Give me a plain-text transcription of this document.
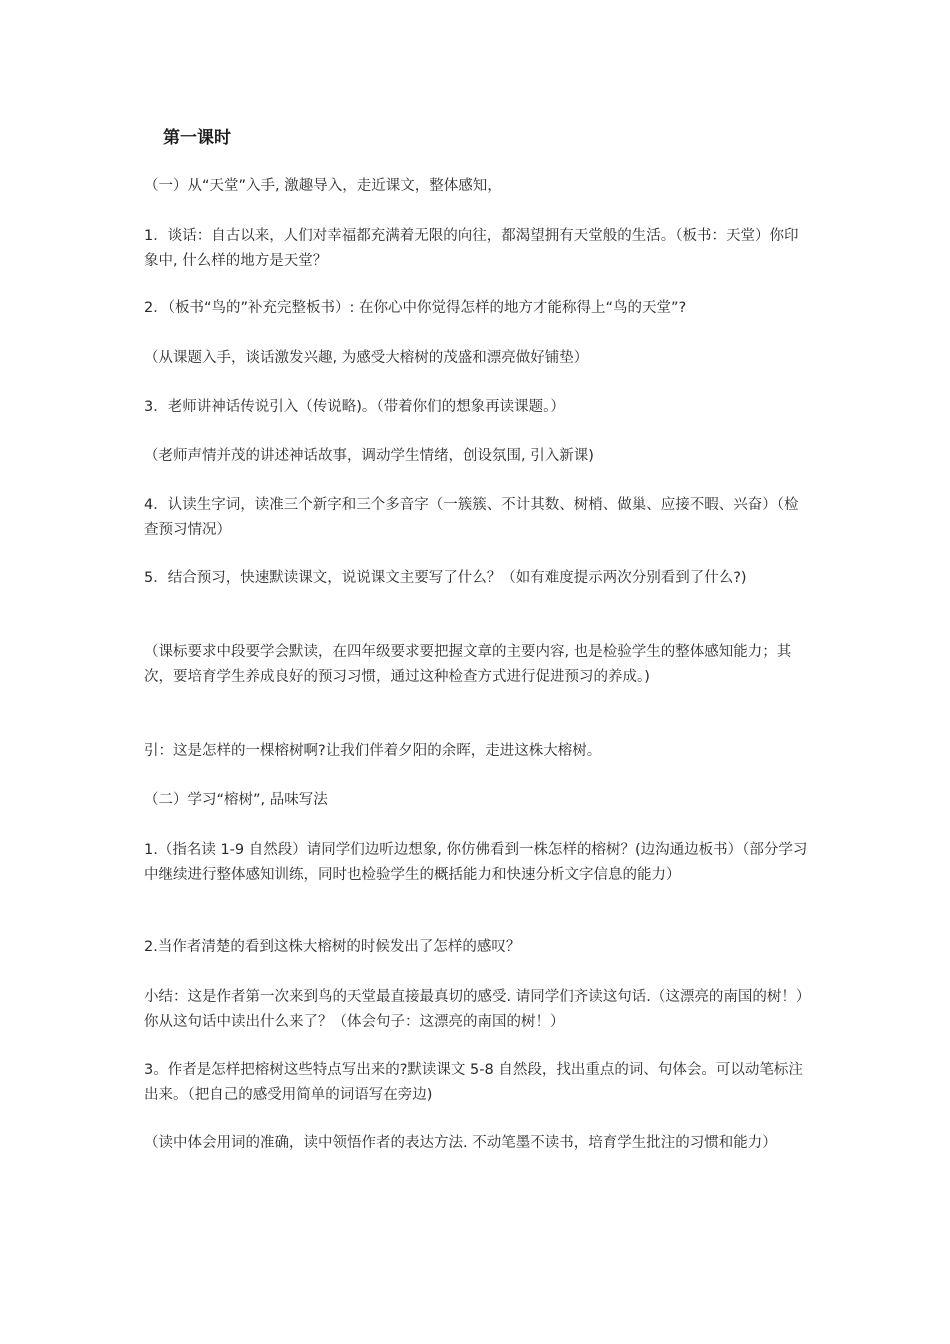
第一课时
（一）从“天堂”入手, 激趣导入，走近课文，整体感知，
1．谈话：自古以来，人们对幸福都充满着无限的向往，都渴望拥有天堂般的生活。（板书：天堂）你印象中, 什么样的地方是天堂？
2．（板书“鸟的”补充完整板书）: 在你心中你觉得怎样的地方才能称得上“鸟的天堂”?
（从课题入手，谈话激发兴趣, 为感受大榕树的茂盛和漂亮做好铺垫）
3．老师讲神话传说引入（传说略)。（带着你们的想象再读课题。）
（老师声情并茂的讲述神话故事，调动学生情绪，创设氛围, 引入新课)
4．认读生字词，读准三个新字和三个多音字（一簇簇、不计其数、树梢、做巢、应接不暇、兴奋）（检查预习情况）
5．结合预习，快速默读课文，说说课文主要写了什么？（如有难度提示两次分别看到了什么?)
（课标要求中段要学会默读，在四年级要求要把握文章的主要内容, 也是检验学生的整体感知能力；其次，要培育学生养成良好的预习习惯，通过这种检查方式进行促进预习的养成。)
引：这是怎样的一棵榕树啊?让我们伴着夕阳的余晖，走进这株大榕树。
（二）学习“榕树”, 品味写法
1.（指名读 1-9 自然段）请同学们边听边想象, 你仿佛看到一株怎样的榕树？(边沟通边板书）（部分学习中继续进行整体感知训练，同时也检验学生的概括能力和快速分析文字信息的能力）
2.当作者清楚的看到这株大榕树的时候发出了怎样的感叹？
小结：这是作者第一次来到鸟的天堂最直接最真切的感受. 请同学们齐读这句话.（这漂亮的南国的树！）你从这句话中读出什么来了？（体会句子：这漂亮的南国的树！）
3。作者是怎样把榕树这些特点写出来的?默读课文 5-8 自然段，找出重点的词、句体会。可以动笔标注出来。（把自己的感受用简单的词语写在旁边)
（读中体会用词的准确，读中领悟作者的表达方法. 不动笔墨不读书，培育学生批注的习惯和能力）
